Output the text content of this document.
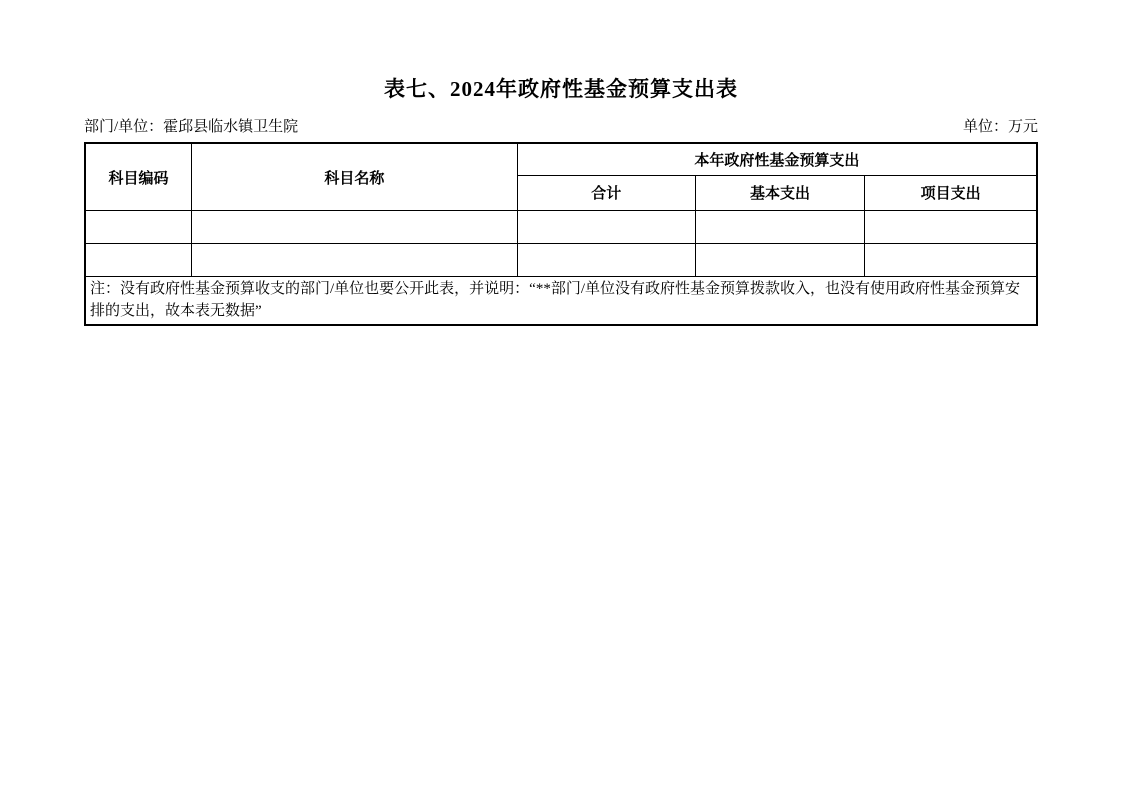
表七、2024年政府性基金预算支出表
部门/单位：霍邱县临水镇卫生院	单位：万元
科目编码	科目名称	本年政府性基金预算支出		
		合计	基本支出	项目支出

注：没有政府性基金预算收支的部门/单位也要公开此表，并说明：“**部门/单位没有政府性基金预算拨款收入，也没有使用政府性基金预算安排的支出，故本表无数据”				
